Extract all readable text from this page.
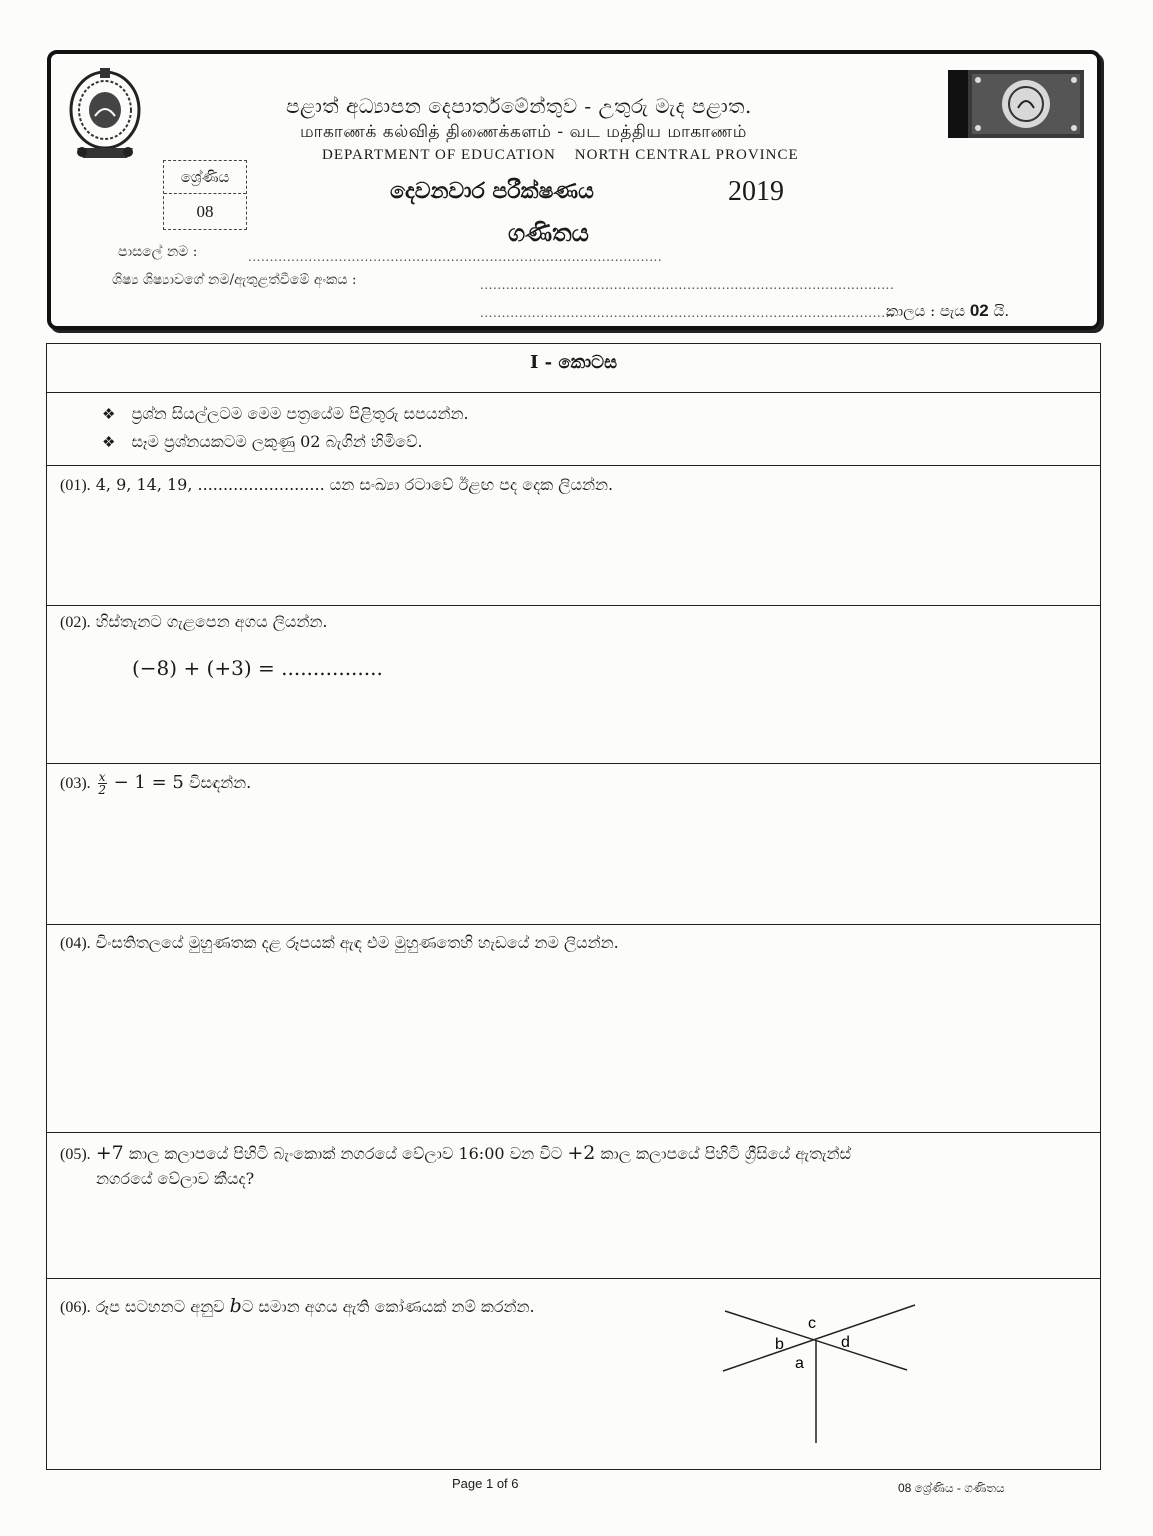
පළාත් අධ්‍යාපන දෙපාර්තමේන්තුව - උතුරු මැද පළාත.
மாகாணக் கல்வித் திணைக்களம் - வட மத்திய மாகாணம்
DEPARTMENT OF EDUCATION    NORTH CENTRAL PROVINCE
ශ්‍රේණිය
08
දෙවනවාර පරීක්ෂණය	2019
ගණිතය
පාසලේ නම :	................................................................................................
ශිෂ්‍ය ශිෂ්‍යාවගේ නම/ඇතුළත්වීමේ අංකය :	................................................................................................
................................................................................................
කාලය : පැය 02 යි.
I - කොටස
❖ ප්‍රශ්න සියල්ලටම මෙම පත්‍රයේම පිළිතුරු සපයන්න.
❖ සෑම ප්‍රශ්නයකටම ලකුණු 02 බැගින් හිමිවේ.
(01). 4, 9, 14, 19, ......................... යන සංඛ්‍යා රටාවේ ඊළඟ පද දෙක ලියන්න.
(02). හිස්තැනට ගැළපෙන අගය ලියන්න.
(−8) + (+3) = ................
(03). $\frac{x}{2} - 1 = 5$ විසඳන්න.
(04). චිංසතිතලයේ මුහුණතක දළ රූපයක් ඇඳ එම මුහුණතෙහි හැඩයේ නම ලියන්න.
(05). +7 කාල කලාපයේ පිහිටි බැංකොක් නගරයේ වේලාව 16:00 වන විට +2 කාල කලාපයේ පිහිටි ග්‍රීසියේ ඇතැන්ස්
නගරයේ වේලාව කීයද?
(06). රූප සටහනට අනුව bට සමාන අගය ඇති කෝණයක් නම් කරන්න.
c
b	d
a
Page 1 of 6	08 ශ්‍රේණිය - ගණිතය
